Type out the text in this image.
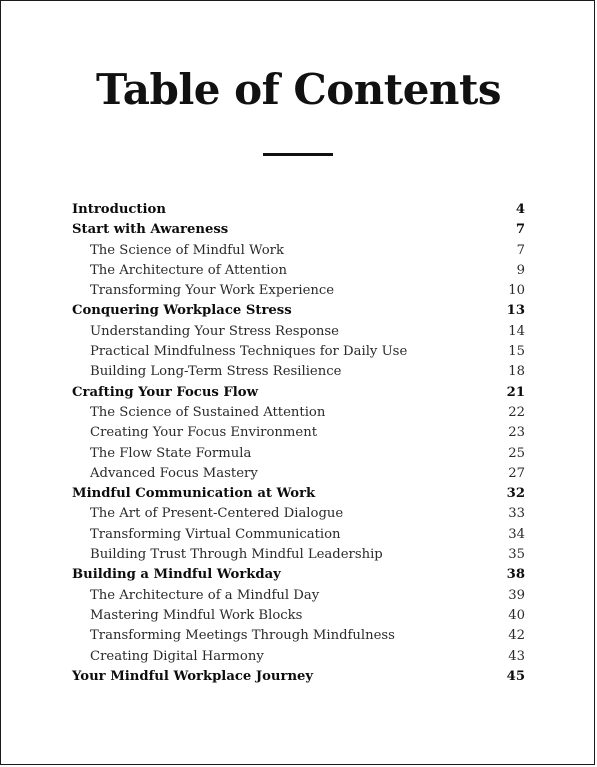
Table of Contents
Introduction	4
Start with Awareness	7
The Science of Mindful Work	7
The Architecture of Attention	9
Transforming Your Work Experience	10
Conquering Workplace Stress	13
Understanding Your Stress Response	14
Practical Mindfulness Techniques for Daily Use	15
Building Long-Term Stress Resilience	18
Crafting Your Focus Flow	21
The Science of Sustained Attention	22
Creating Your Focus Environment	23
The Flow State Formula	25
Advanced Focus Mastery	27
Mindful Communication at Work	32
The Art of Present-Centered Dialogue	33
Transforming Virtual Communication	34
Building Trust Through Mindful Leadership	35
Building a Mindful Workday	38
The Architecture of a Mindful Day	39
Mastering Mindful Work Blocks	40
Transforming Meetings Through Mindfulness	42
Creating Digital Harmony	43
Your Mindful Workplace Journey	45
